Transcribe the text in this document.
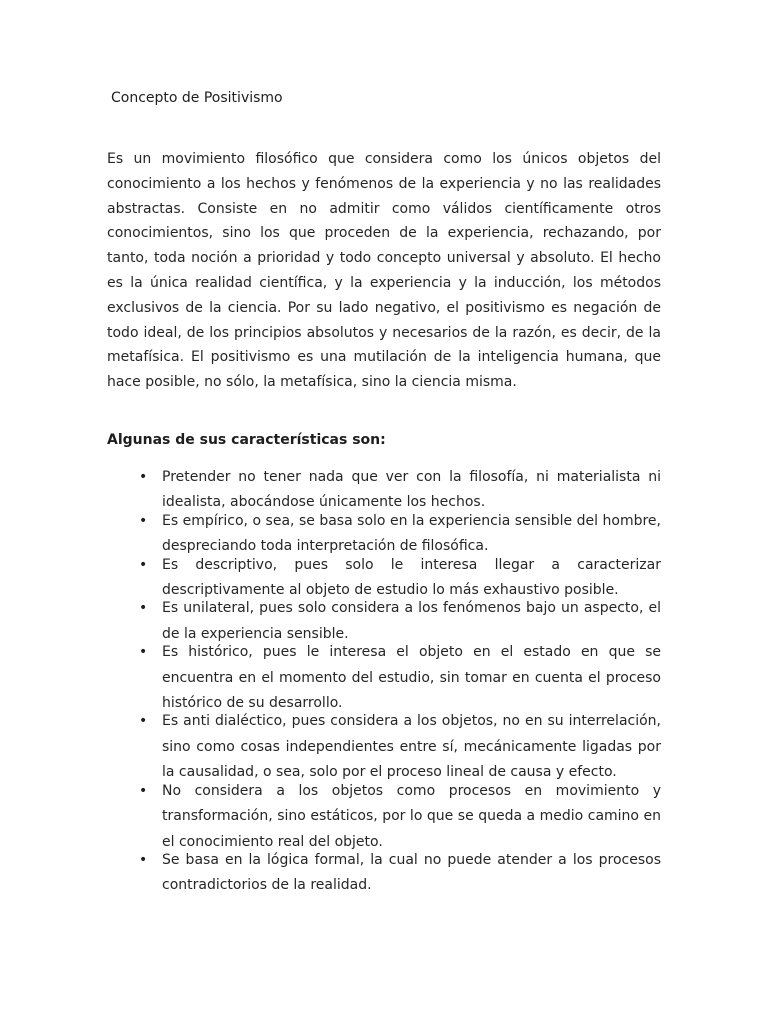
Concepto de Positivismo

Es un movimiento filosófico que considera como los únicos objetos del conocimiento a los hechos y fenómenos de la experiencia y no las realidades abstractas. Consiste en no admitir como válidos científicamente otros conocimientos, sino los que proceden de la experiencia, rechazando, por tanto, toda noción a prioridad y todo concepto universal y absoluto. El hecho es la única realidad científica, y la experiencia y la inducción, los métodos exclusivos de la ciencia. Por su lado negativo, el positivismo es negación de todo ideal, de los principios absolutos y necesarios de la razón, es decir, de la metafísica. El positivismo es una mutilación de la inteligencia humana, que hace posible, no sólo, la metafísica, sino la ciencia misma.

Algunas de sus características son:
• Pretender no tener nada que ver con la filosofía, ni materialista ni idealista, abocándose únicamente los hechos.
• Es empírico, o sea, se basa solo en la experiencia sensible del hombre, despreciando toda interpretación de filosófica.
• Es descriptivo, pues solo le interesa llegar a caracterizar descriptivamente al objeto de estudio lo más exhaustivo posible.
• Es unilateral, pues solo considera a los fenómenos bajo un aspecto, el de la experiencia sensible.
• Es histórico, pues le interesa el objeto en el estado en que se encuentra en el momento del estudio, sin tomar en cuenta el proceso histórico de su desarrollo.
• Es anti dialéctico, pues considera a los objetos, no en su interrelación, sino como cosas independientes entre sí, mecánicamente ligadas por la causalidad, o sea, solo por el proceso lineal de causa y efecto.
• No considera a los objetos como procesos en movimiento y transformación, sino estáticos, por lo que se queda a medio camino en el conocimiento real del objeto.
• Se basa en la lógica formal, la cual no puede atender a los procesos contradictorios de la realidad.
